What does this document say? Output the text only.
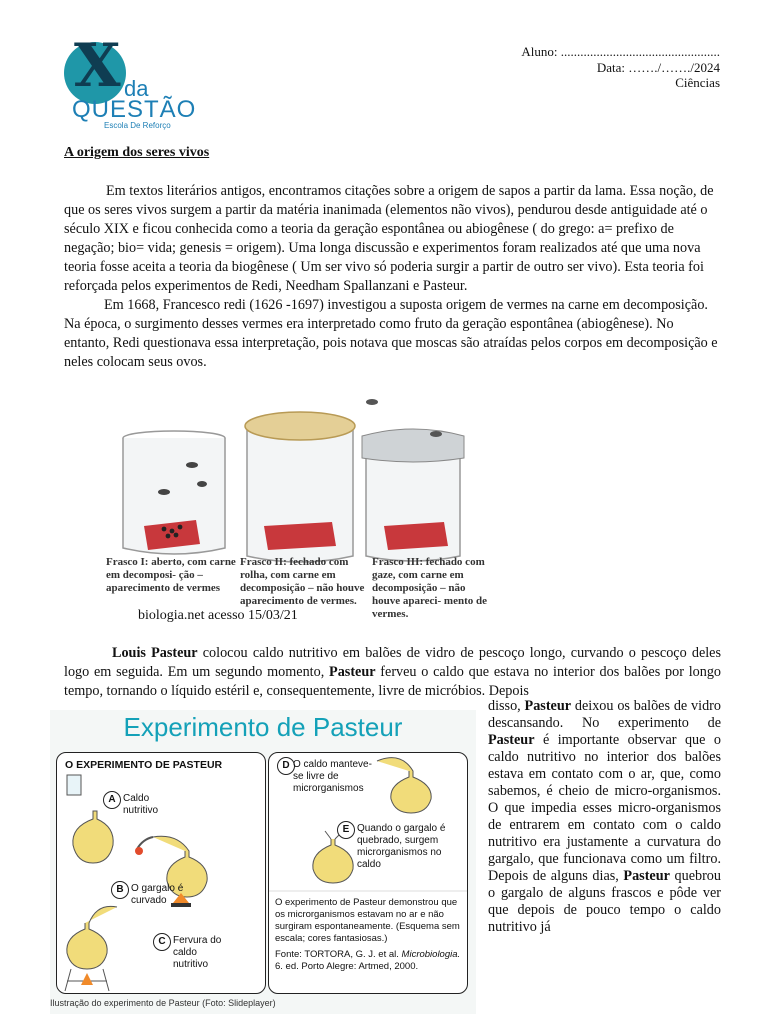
X da
QUESTÃO
Escola De Reforço
Aluno: .................................................
Data: ……./……./2024
Ciências
A origem dos seres vivos

Em textos literários antigos, encontramos citações sobre a origem de sapos a partir da lama. Essa noção, de que os seres vivos surgem a partir da matéria inanimada (elementos não vivos), pendurou desde antiguidade até o século XIX e ficou conhecida como a teoria da geração espontânea ou abiogênese ( do grego: a= prefixo de negação; bio= vida; genesis = origem). Uma longa discussão e experimentos foram realizados até que uma nova teoria fosse aceita a teoria da biogênese ( Um ser vivo só poderia surgir a partir de outro ser vivo). Esta teoria foi reforçada pelos experimentos de Redi, Needham Spallanzani e Pasteur.

Em 1668, Francesco redi (1626 -1697) investigou a suposta origem de vermes na carne em decomposição. Na época, o surgimento desses vermes era interpretado como fruto da geração espontânea (abiogênese). No entanto, Redi questionava essa interpretação, pois notava que moscas são atraídas pelos corpos em decomposição e neles colocam seus ovos.

Frasco I: aberto, com carne em decomposi- ção – aparecimento de vermes
Frasco II: fechado com rolha, com carne em decomposição – não houve aparecimento de vermes.
Frasco III: fechado com gaze, com carne em decomposição – não houve apareci- mento de vermes.
biologia.net acesso 15/03/21
Louis Pasteur colocou caldo nutritivo em balões de vidro de pescoço longo, curvando o pescoço deles logo em seguida. Em um segundo momento, Pasteur ferveu o caldo que estava no interior dos balões por longo tempo, tornando o líquido estéril e, consequentemente, livre de micróbios. Depois

disso, Pasteur deixou os balões de vidro descansando. No experimento de Pasteur é importante observar que o caldo nutritivo no interior dos balões estava em contato com o ar, que, como sabemos, é cheio de micro-organismos. O que impedia esses micro-organismos de entrarem em contato com o caldo nutritivo era justamente a curvatura do gargalo, que funcionava como um filtro. Depois de alguns dias, Pasteur quebrou o gargalo de alguns frascos e pôde ver que depois de pouco tempo o caldo nutritivo já

Experimento de Pasteur
O EXPERIMENTO DE PASTEUR
A Caldo nutritivo
B O gargalo é curvado
C Fervura do caldo nutritivo
D O caldo manteve-se livre de microrganismos
E Quando o gargalo é quebrado, surgem microrganismos no caldo
O experimento de Pasteur demonstrou que os microrganismos estavam no ar e não surgiram espontaneamente. (Esquema sem escala; cores fantasiosas.)
Fonte: TORTORA, G. J. et al. Microbiologia.
6. ed. Porto Alegre: Artmed, 2000.
Ilustração do experimento de Pasteur (Foto: Slideplayer)
